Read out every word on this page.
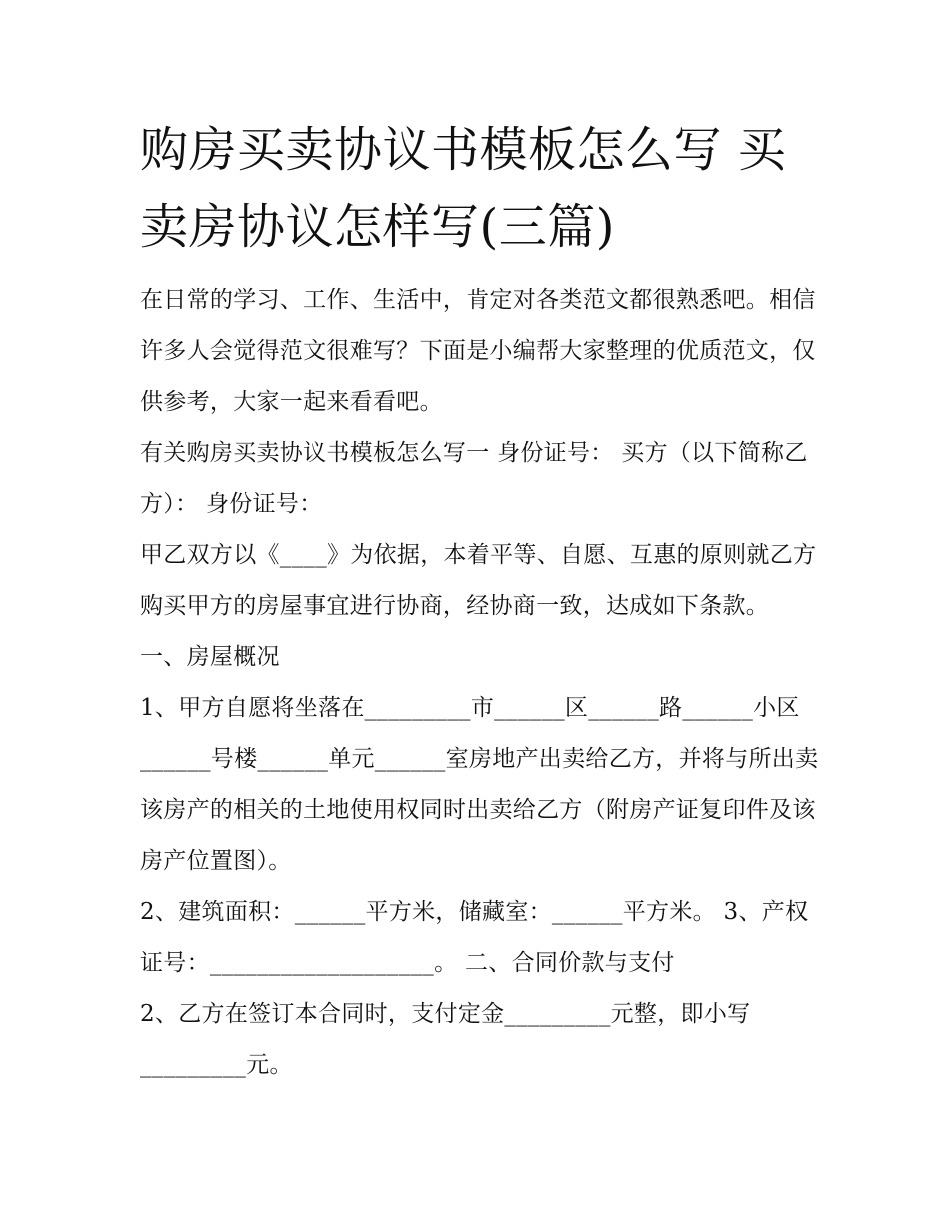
购房买卖协议书模板怎么写 买卖房协议怎样写(三篇)

在日常的学习、工作、生活中，肯定对各类范文都很熟悉吧。相信许多人会觉得范文很难写？下面是小编帮大家整理的优质范文，仅供参考，大家一起来看看吧。

有关购房买卖协议书模板怎么写一 身份证号： 买方（以下简称乙方）： 身份证号：

甲乙双方以《____》为依据，本着平等、自愿、互惠的原则就乙方购买甲方的房屋事宜进行协商，经协商一致，达成如下条款。 一、房屋概况

1、甲方自愿将坐落在_________市______区______路______小区______号楼______单元______室房地产出卖给乙方，并将与所出卖该房产的相关的土地使用权同时出卖给乙方（附房产证复印件及该房产位置图）。

2、建筑面积：______平方米，储藏室：______平方米。 3、产权证号：___________________。 二、合同价款与支付

2、乙方在签订本合同时，支付定金_________元整，即小写_________元。
